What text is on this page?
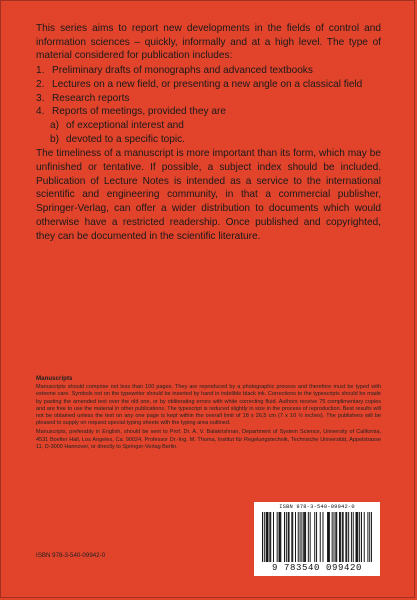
This series aims to report new developments in the fields of control and information sciences – quickly, informally and at a high level. The type of material considered for publication includes:

1. Preliminary drafts of monographs and advanced textbooks
2. Lectures on a new field, or presenting a new angle on a classical field
3. Research reports
4. Reports of meetings, provided they are
a) of exceptional interest and
b) devoted to a specific topic.

The timeliness of a manuscript is more important than its form, which may be unfinished or tentative. If possible, a subject index should be included. Publication of Lecture Notes is intended as a service to the international scientific and engineering community, in that a commercial publisher, Springer-Verlag, can offer a wider distribution to documents which would otherwise have a restricted readership. Once published and copyrighted, they can be documented in the scientific literature.

Manuscripts

Manuscripts should comprise not less than 100 pages. They are reproduced by a photographic process and therefore must be typed with extreme care. Symbols not on the typewriter should be inserted by hand in indelible black ink. Corrections to the typescripts should be made by pasting the amended text over the old one, or by obliterating errors with white correcting fluid. Authors receive 75 complimentary copies and are free to use the material in other publications. The typescript is reduced slightly in size in the process of reproduction. Best results will not be obtained unless the text on any one page is kept within the overall limit of 18 x 26,5 cm (7 x 10 ½ inches). The publishers will be pleased to supply on request special typing sheets with the typing area outlined.

Manuscripts, preferably in English, should be sent to Prof. Dr. A. V. Balakrishnan, Department of System Science, University of California, 4531 Boelter Hall, Los Angeles, Ca. 90024, Professor Dr.-Ing. M. Thoma, Institut für Regelungstechnik, Technische Universität, Appelstrasse 11, D-3000 Hannover, or directly to Springer-Verlag Berlin.

ISBN 978-3-540-09942-0
ISBN 978-3-540-09942-0
9 783540 099420
